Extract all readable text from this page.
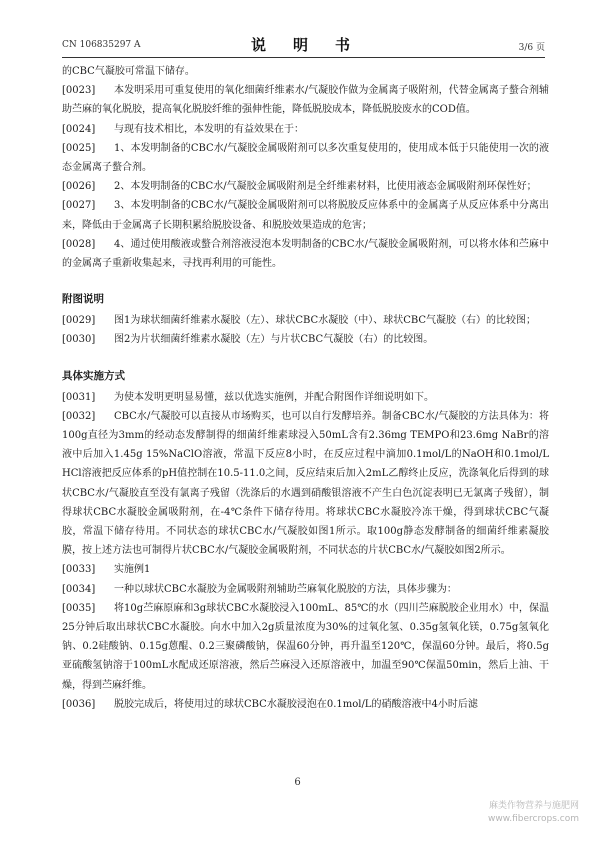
CN 106835297 A	说　明　书	3/6 页

的CBC气凝胶可常温下储存。

[0023] 本发明采用可重复使用的氧化细菌纤维素水/气凝胶作做为金属离子吸附剂，代替金属离子螯合剂辅助苎麻的氧化脱胶，提高氧化脱胶纤维的强伸性能，降低脱胶成本，降低脱胶废水的COD值。

[0024] 与现有技术相比，本发明的有益效果在于：

[0025] 1、本发明制备的CBC水/气凝胶金属吸附剂可以多次重复使用的，使用成本低于只能使用一次的液态金属离子螯合剂。

[0026] 2、本发明制备的CBC水/气凝胶金属吸附剂是全纤维素材料，比使用液态金属吸附剂环保性好；

[0027] 3、本发明制备的CBC水/气凝胶金属吸附剂可以将脱胶反应体系中的金属离子从反应体系中分离出来，降低由于金属离子长期积累给脱胶设备、和脱胶效果造成的危害；

[0028] 4、通过使用酸液或螯合剂溶液浸泡本发明制备的CBC水/气凝胶金属吸附剂，可以将水体和苎麻中的金属离子重新收集起来，寻找再利用的可能性。

附图说明

[0029] 图1为球状细菌纤维素水凝胶（左）、球状CBC水凝胶（中）、球状CBC气凝胶（右）的比较图；

[0030] 图2为片状细菌纤维素水凝胶（左）与片状CBC气凝胶（右）的比较图。

具体实施方式

[0031] 为使本发明更明显易懂，兹以优选实施例，并配合附图作详细说明如下。

[0032] CBC水/气凝胶可以直接从市场购买，也可以自行发酵培养。制备CBC水/气凝胶的方法具体为：将100g直径为3mm的经动态发酵制得的细菌纤维素球浸入50mL含有2.36mg TEMPO和23.6mg NaBr的溶液中后加入1.45g 15%NaClO溶液，常温下反应8小时，在反应过程中滴加0.1mol/L的NaOH和0.1mol/L HCl溶液把反应体系的pH值控制在10.5-11.0之间，反应结束后加入2mL乙醇终止反应，洗涤氧化后得到的球状CBC水/气凝胶直至没有氯离子残留（洗涤后的水遇到硝酸银溶液不产生白色沉淀表明已无氯离子残留），制得球状CBC水凝胶金属吸附剂，在-4℃条件下储存待用。将球状CBC水凝胶冷冻干燥，得到球状CBC气凝胶，常温下储存待用。不同状态的球状CBC水/气凝胶如图1所示。取100g静态发酵制备的细菌纤维素凝胶膜，按上述方法也可制得片状CBC水/气凝胶金属吸附剂，不同状态的片状CBC水/气凝胶如图2所示。

[0033] 实施例1

[0034] 一种以球状CBC水凝胶为金属吸附剂辅助苎麻氧化脱胶的方法，具体步骤为：

[0035] 将10g苎麻原麻和3g球状CBC水凝胶浸入100mL、85℃的水（四川苎麻脱胶企业用水）中，保温25分钟后取出球状CBC水凝胶。向水中加入2g质量浓度为30%的过氧化氢、0.35g氢氧化镁，0.75g氢氧化钠、0.2硅酸钠、0.15g蒽醌、0.2三聚磷酸钠，保温60分钟，再升温至120℃，保温60分钟。最后，将0.5g亚硫酸氢钠溶于100mL水配成还原溶液，然后苎麻浸入还原溶液中，加温至90℃保温50min，然后上油、干燥，得到苎麻纤维。

[0036] 脱胶完成后，将使用过的球状CBC水凝胶浸泡在0.1mol/L的硝酸溶液中4小时后滤

6
麻类作物营养与施肥网
www.fibercrops.com
